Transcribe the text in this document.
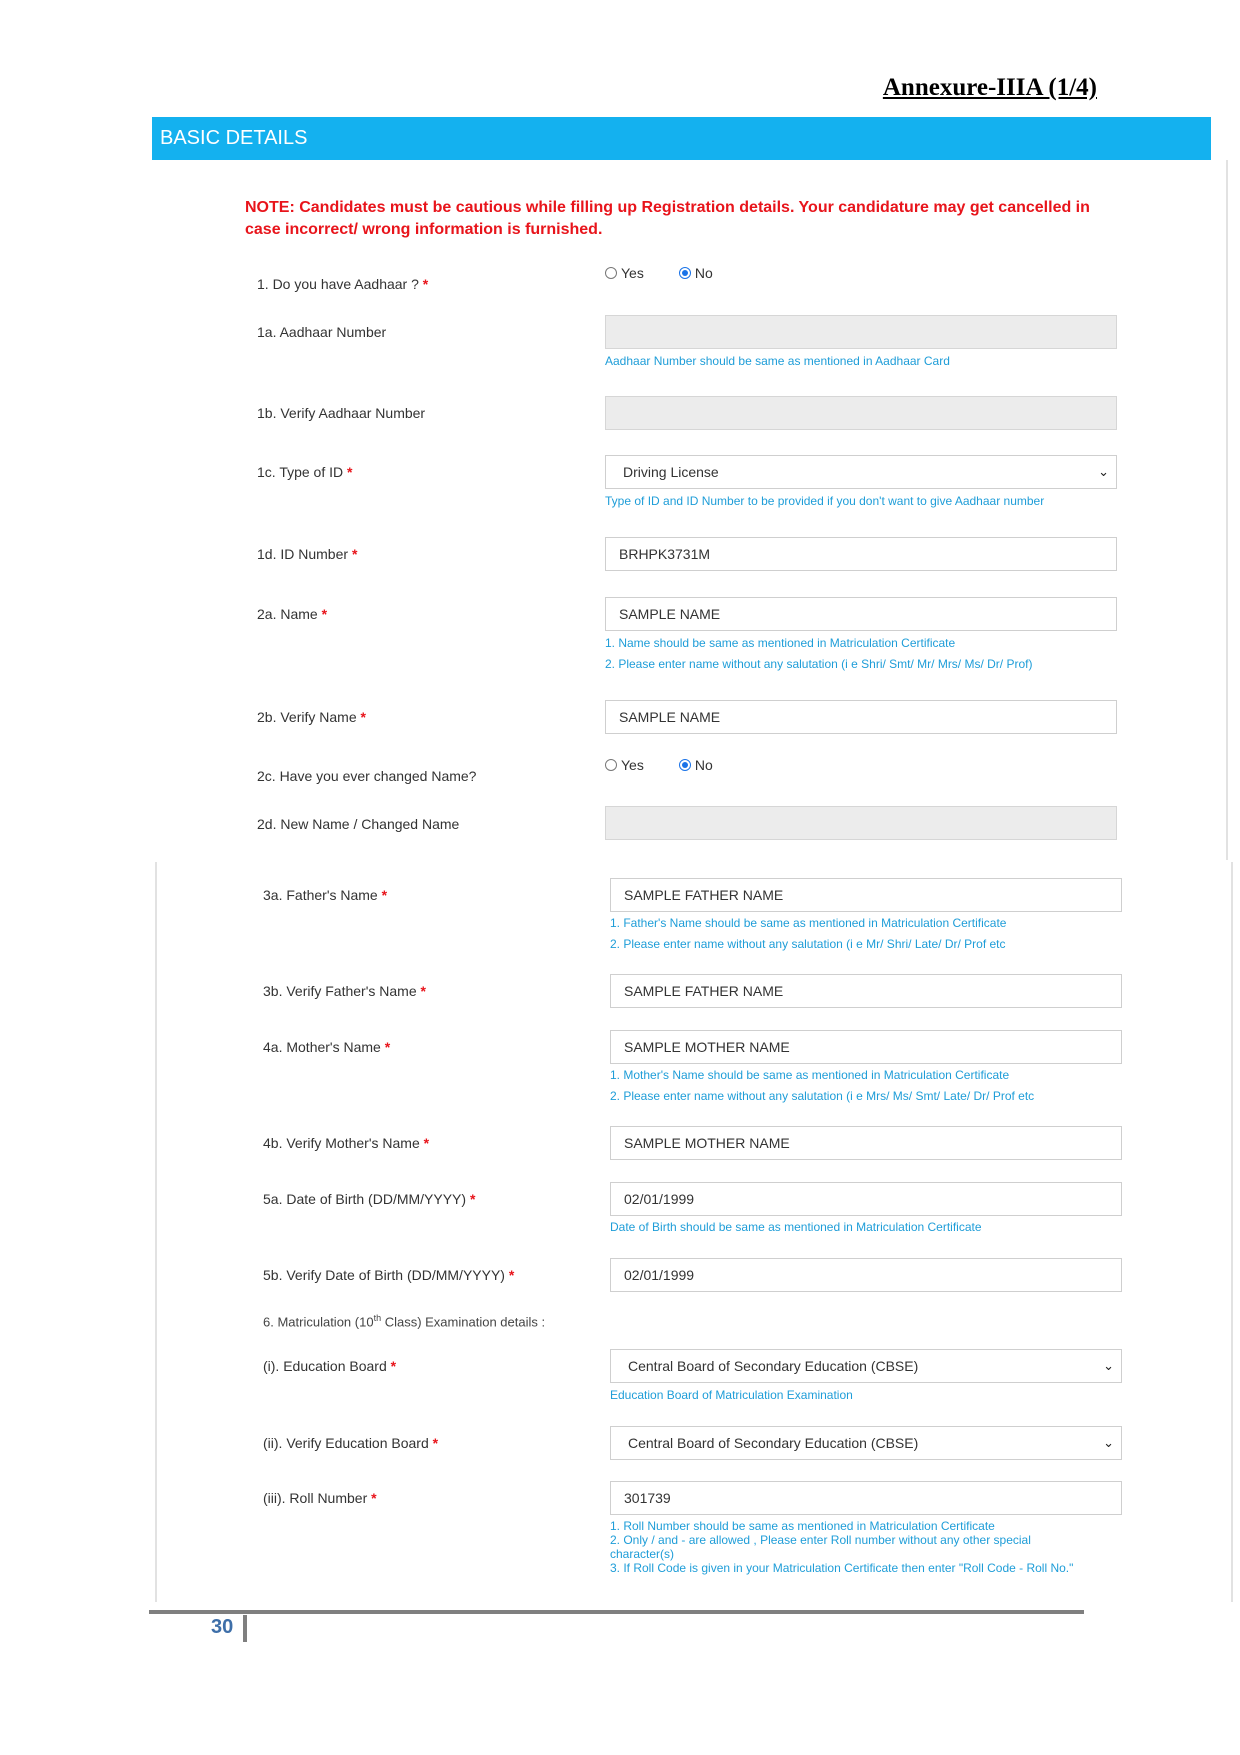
Annexure-IIIA (1/4)

BASIC DETAILS

NOTE: Candidates must be cautious while filling up Registration details. Your candidature may get cancelled in case incorrect/ wrong information is furnished.

1. Do you have Aadhaar ? *
Yes	No
1a. Aadhaar Number
Aadhaar Number should be same as mentioned in Aadhaar Card
1b. Verify Aadhaar Number
1c. Type of ID *	Driving License	⌄
Type of ID and ID Number to be provided if you don't want to give Aadhaar number
1d. ID Number *	BRHPK3731M
2a. Name *	SAMPLE NAME
1. Name should be same as mentioned in Matriculation Certificate
2. Please enter name without any salutation (i e Shri/ Smt/ Mr/ Mrs/ Ms/ Dr/ Prof)
2b. Verify Name *	SAMPLE NAME
2c. Have you ever changed Name?
Yes	No
2d. New Name / Changed Name
3a. Father's Name *	SAMPLE FATHER NAME
1. Father's Name should be same as mentioned in Matriculation Certificate
2. Please enter name without any salutation (i e Mr/ Shri/ Late/ Dr/ Prof etc
3b. Verify Father's Name *	SAMPLE FATHER NAME
4a. Mother's Name *	SAMPLE MOTHER NAME
1. Mother's Name should be same as mentioned in Matriculation Certificate
2. Please enter name without any salutation (i e Mrs/ Ms/ Smt/ Late/ Dr/ Prof etc
4b. Verify Mother's Name *	SAMPLE MOTHER NAME
5a. Date of Birth (DD/MM/YYYY) *	02/01/1999
Date of Birth should be same as mentioned in Matriculation Certificate
5b. Verify Date of Birth (DD/MM/YYYY) *	02/01/1999
6. Matriculation (10th Class) Examination details :
(i). Education Board *	Central Board of Secondary Education (CBSE)	⌄
Education Board of Matriculation Examination
(ii). Verify Education Board *	Central Board of Secondary Education (CBSE)	⌄
(iii). Roll Number *	301739
1. Roll Number should be same as mentioned in Matriculation Certificate
2. Only / and - are allowed , Please enter Roll number without any other special character(s)
3. If Roll Code is given in your Matriculation Certificate then enter "Roll Code - Roll No."
30
